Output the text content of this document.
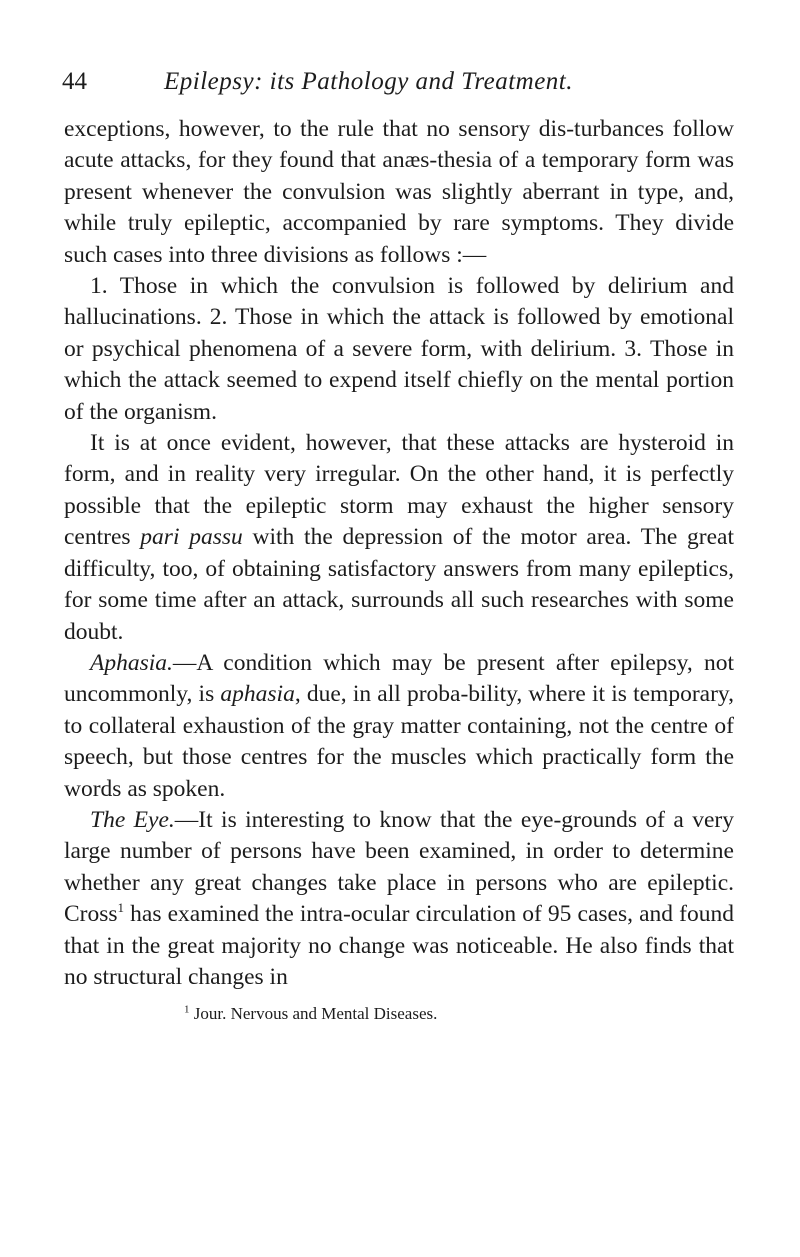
44	Epilepsy: its Pathology and Treatment.

exceptions, however, to the rule that no sensory dis-turbances follow acute attacks, for they found that anæs-thesia of a temporary form was present whenever the convulsion was slightly aberrant in type, and, while truly epileptic, accompanied by rare symptoms. They divide such cases into three divisions as follows :—

1. Those in which the convulsion is followed by delirium and hallucinations. 2. Those in which the attack is followed by emotional or psychical phenomena of a severe form, with delirium. 3. Those in which the attack seemed to expend itself chiefly on the mental portion of the organism.

It is at once evident, however, that these attacks are hysteroid in form, and in reality very irregular. On the other hand, it is perfectly possible that the epileptic storm may exhaust the higher sensory centres pari passu with the depression of the motor area. The great difficulty, too, of obtaining satisfactory answers from many epileptics, for some time after an attack, surrounds all such researches with some doubt.

Aphasia.—A condition which may be present after epilepsy, not uncommonly, is aphasia, due, in all proba-bility, where it is temporary, to collateral exhaustion of the gray matter containing, not the centre of speech, but those centres for the muscles which practically form the words as spoken.

The Eye.—It is interesting to know that the eye-grounds of a very large number of persons have been examined, in order to determine whether any great changes take place in persons who are epileptic. Cross$^1$ has examined the intra-ocular circulation of 95 cases, and found that in the great majority no change was noticeable. He also finds that no structural changes in

$^1$ Jour. Nervous and Mental Diseases.
